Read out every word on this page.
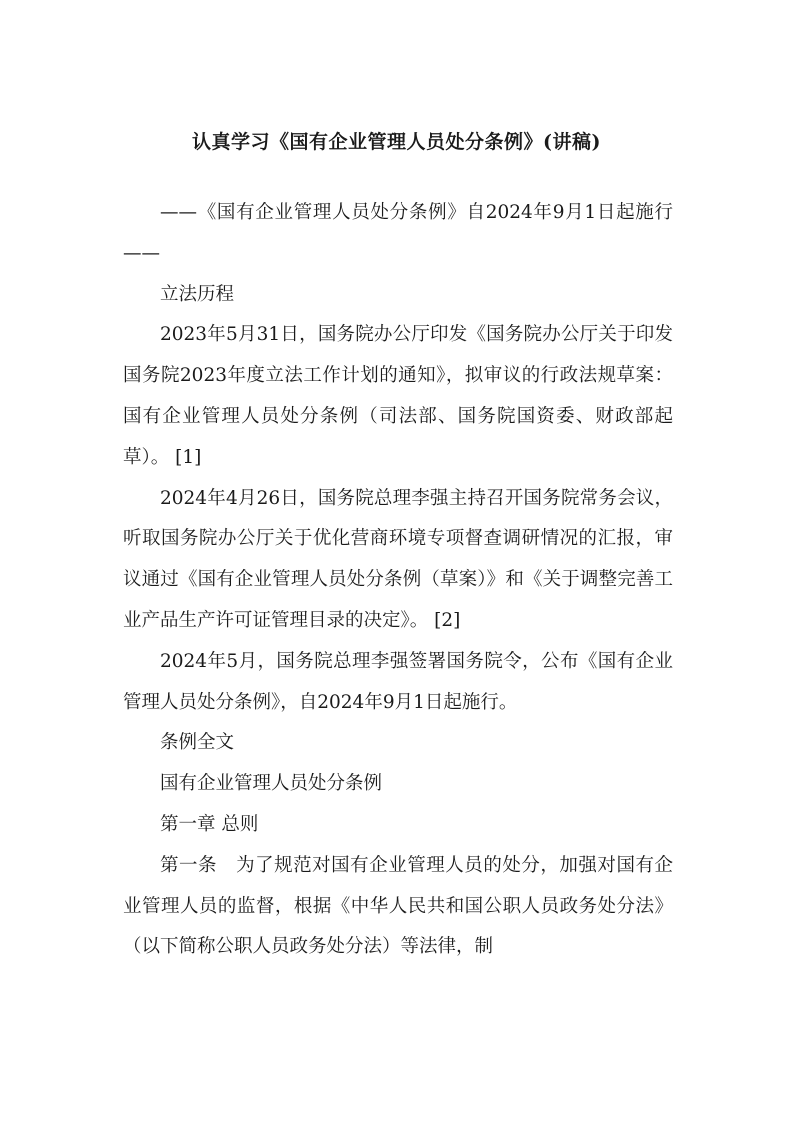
认真学习《国有企业管理人员处分条例》(讲稿)

——《国有企业管理人员处分条例》自2024年9月1日起施行——

立法历程

2023年5月31日，国务院办公厅印发《国务院办公厅关于印发国务院2023年度立法工作计划的通知》，拟审议的行政法规草案：国有企业管理人员处分条例（司法部、国务院国资委、财政部起草）。 [1]

2024年4月26日，国务院总理李强主持召开国务院常务会议，听取国务院办公厅关于优化营商环境专项督查调研情况的汇报，审议通过《国有企业管理人员处分条例（草案）》和《关于调整完善工业产品生产许可证管理目录的决定》。 [2]

2024年5月，国务院总理李强签署国务院令，公布《国有企业管理人员处分条例》，自2024年9月1日起施行。

条例全文

国有企业管理人员处分条例

第一章 总则

第一条　为了规范对国有企业管理人员的处分，加强对国有企业管理人员的监督，根据《中华人民共和国公职人员政务处分法》（以下简称公职人员政务处分法）等法律，制
